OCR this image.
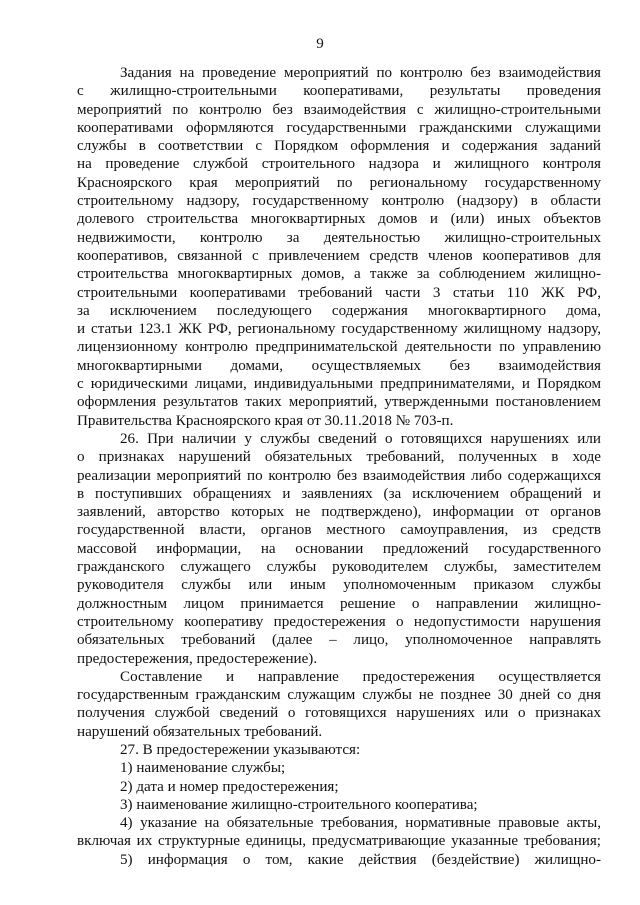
9
Задания на проведение мероприятий по контролю без взаимодействия
с жилищно-строительными кооперативами, результаты проведения
мероприятий по контролю без взаимодействия с жилищно-строительными
кооперативами оформляются государственными гражданскими служащими
службы в соответствии с Порядком оформления и содержания заданий
на проведение службой строительного надзора и жилищного контроля
Красноярского края мероприятий по региональному государственному
строительному надзору, государственному контролю (надзору) в области
долевого строительства многоквартирных домов и (или) иных объектов
недвижимости, контролю за деятельностью жилищно-строительных
кооперативов, связанной с привлечением средств членов кооперативов для
строительства многоквартирных домов, а также за соблюдением жилищно-
строительными кооперативами требований части 3 статьи 110 ЖК РФ,
за исключением последующего содержания многоквартирного дома,
и статьи 123.1 ЖК РФ, региональному государственному жилищному надзору,
лицензионному контролю предпринимательской деятельности по управлению
многоквартирными домами, осуществляемых без взаимодействия
с юридическими лицами, индивидуальными предпринимателями, и Порядком
оформления результатов таких мероприятий, утвержденными постановлением
Правительства Красноярского края от 30.11.2018 № 703-п.
26. При наличии у службы сведений о готовящихся нарушениях или
о признаках нарушений обязательных требований, полученных в ходе
реализации мероприятий по контролю без взаимодействия либо содержащихся
в поступивших обращениях и заявлениях (за исключением обращений и
заявлений, авторство которых не подтверждено), информации от органов
государственной власти, органов местного самоуправления, из средств
массовой информации, на основании предложений государственного
гражданского служащего службы руководителем службы, заместителем
руководителя службы или иным уполномоченным приказом службы
должностным лицом принимается решение о направлении жилищно-
строительному кооперативу предостережения о недопустимости нарушения
обязательных требований (далее – лицо, уполномоченное направлять
предостережения, предостережение).
Составление и направление предостережения осуществляется
государственным гражданским служащим службы не позднее 30 дней со дня
получения службой сведений о готовящихся нарушениях или о признаках
нарушений обязательных требований.
27. В предостережении указываются:
1) наименование службы;
2) дата и номер предостережения;
3) наименование жилищно-строительного кооператива;
4) указание на обязательные требования, нормативные правовые акты,
включая их структурные единицы, предусматривающие указанные требования;
5) информация о том, какие действия (бездействие) жилищно-
